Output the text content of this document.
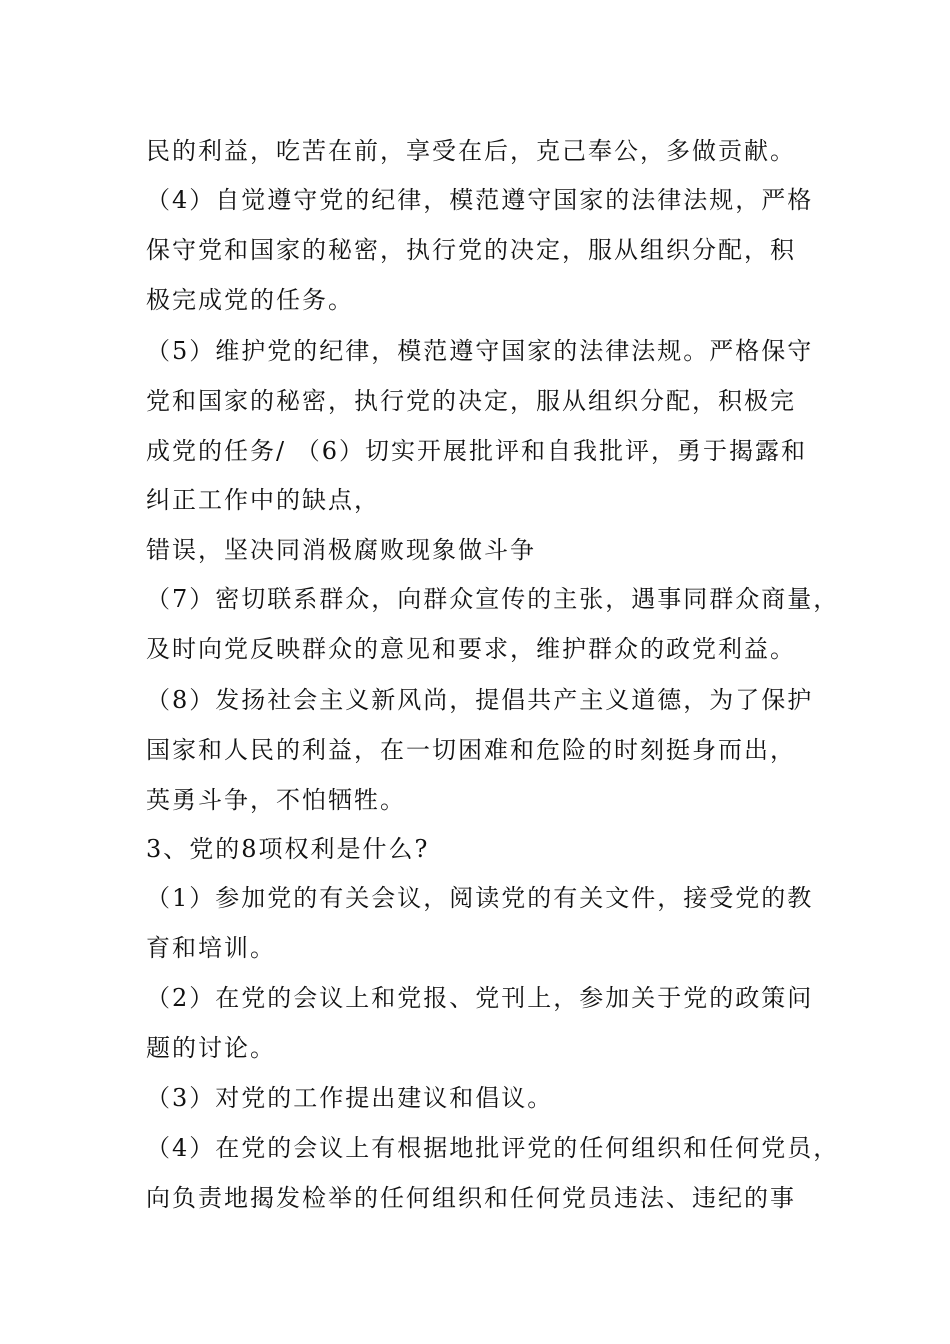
民的利益，吃苦在前，享受在后，克己奉公，多做贡献。
（4）自觉遵守党的纪律，模范遵守国家的法律法规，严格
保守党和国家的秘密，执行党的决定，服从组织分配，积
极完成党的任务。
（5）维护党的纪律，模范遵守国家的法律法规。严格保守
党和国家的秘密，执行党的决定，服从组织分配，积极完
成党的任务/ （6）切实开展批评和自我批评，勇于揭露和
纠正工作中的缺点，
错误，坚决同消极腐败现象做斗争
（7）密切联系群众，向群众宣传的主张，遇事同群众商量，
及时向党反映群众的意见和要求，维护群众的政党利益。
（8）发扬社会主义新风尚，提倡共产主义道德，为了保护
国家和人民的利益，在一切困难和危险的时刻挺身而出，
英勇斗争，不怕牺牲。
3、党的8项权利是什么?
（1）参加党的有关会议，阅读党的有关文件，接受党的教
育和培训。
（2）在党的会议上和党报、党刊上，参加关于党的政策问
题的讨论。
（3）对党的工作提出建议和倡议。
（4）在党的会议上有根据地批评党的任何组织和任何党员，
向负责地揭发检举的任何组织和任何党员违法、违纪的事
